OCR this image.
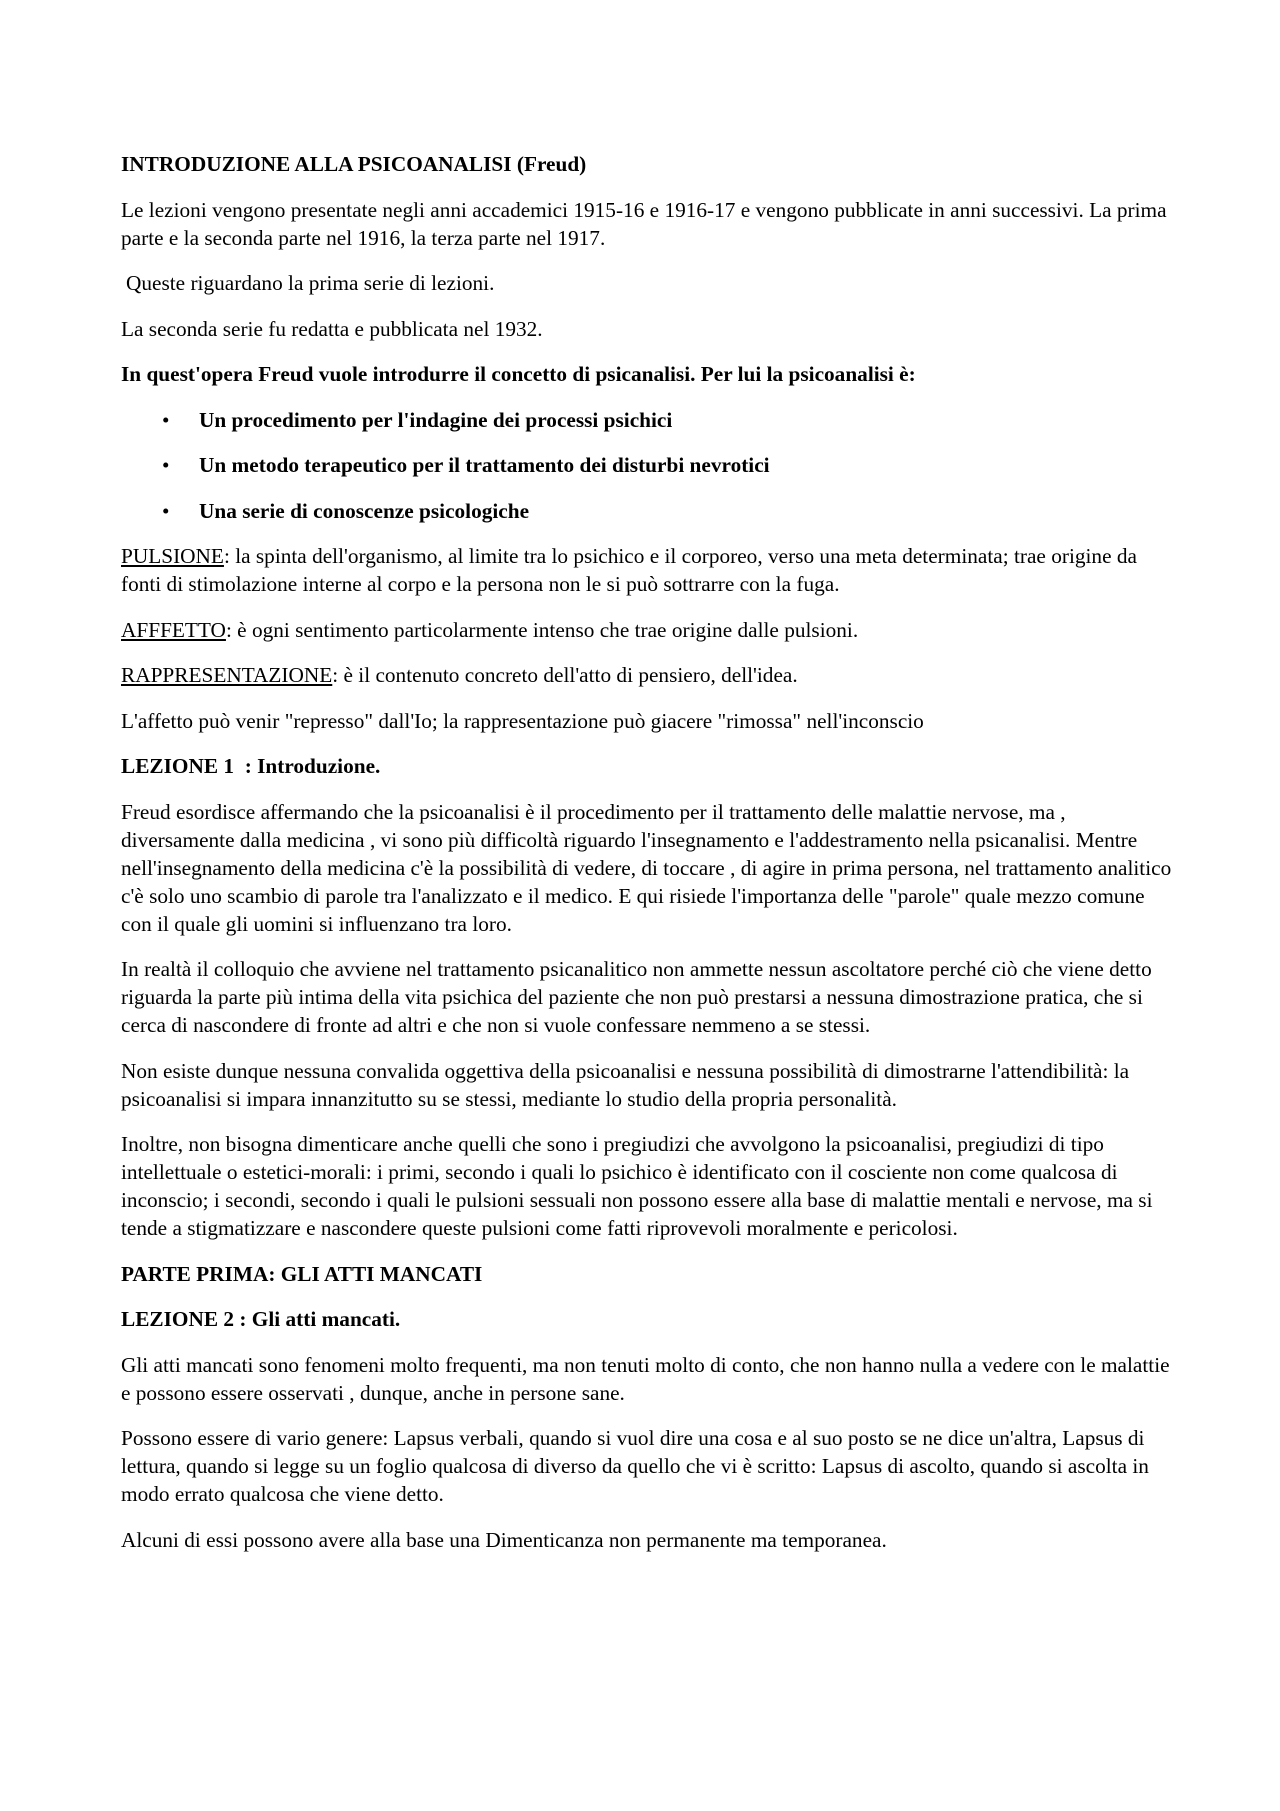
INTRODUZIONE ALLA PSICOANALISI (Freud)

Le lezioni vengono presentate negli anni accademici 1915-16 e 1916-17 e vengono pubblicate in anni successivi. La prima parte e la seconda parte nel 1916, la terza parte nel 1917.

Queste riguardano la prima serie di lezioni.

La seconda serie fu redatta e pubblicata nel 1932.

In quest'opera Freud vuole introdurre il concetto di psicanalisi. Per lui la psicoanalisi è:

• Un procedimento per l'indagine dei processi psichici
• Un metodo terapeutico per il trattamento dei disturbi nevrotici
• Una serie di conoscenze psicologiche

PULSIONE: la spinta dell'organismo, al limite tra lo psichico e il corporeo, verso una meta determinata; trae origine da fonti di stimolazione interne al corpo e la persona non le si può sottrarre con la fuga.

AFFFETTO: è ogni sentimento particolarmente intenso che trae origine dalle pulsioni.

RAPPRESENTAZIONE: è il contenuto concreto dell'atto di pensiero, dell'idea.

L'affetto può venir "represso" dall'Io; la rappresentazione può giacere "rimossa" nell'inconscio

LEZIONE 1 : Introduzione.

Freud esordisce affermando che la psicoanalisi è il procedimento per il trattamento delle malattie nervose, ma , diversamente dalla medicina , vi sono più difficoltà riguardo l'insegnamento e l'addestramento nella psicanalisi. Mentre nell'insegnamento della medicina c'è la possibilità di vedere, di toccare , di agire in prima persona, nel trattamento analitico c'è solo uno scambio di parole tra l'analizzato e il medico. E qui risiede l'importanza delle "parole" quale mezzo comune con il quale gli uomini si influenzano tra loro.

In realtà il colloquio che avviene nel trattamento psicanalitico non ammette nessun ascoltatore perché ciò che viene detto riguarda la parte più intima della vita psichica del paziente che non può prestarsi a nessuna dimostrazione pratica, che si cerca di nascondere di fronte ad altri e che non si vuole confessare nemmeno a se stessi.

Non esiste dunque nessuna convalida oggettiva della psicoanalisi e nessuna possibilità di dimostrarne l'attendibilità: la psicoanalisi si impara innanzitutto su se stessi, mediante lo studio della propria personalità.

Inoltre, non bisogna dimenticare anche quelli che sono i pregiudizi che avvolgono la psicoanalisi, pregiudizi di tipo intellettuale o estetici-morali: i primi, secondo i quali lo psichico è identificato con il cosciente non come qualcosa di inconscio; i secondi, secondo i quali le pulsioni sessuali non possono essere alla base di malattie mentali e nervose, ma si tende a stigmatizzare e nascondere queste pulsioni come fatti riprovevoli moralmente e pericolosi.

PARTE PRIMA: GLI ATTI MANCATI

LEZIONE 2 : Gli atti mancati.

Gli atti mancati sono fenomeni molto frequenti, ma non tenuti molto di conto, che non hanno nulla a vedere con le malattie e possono essere osservati , dunque, anche in persone sane.

Possono essere di vario genere: Lapsus verbali, quando si vuol dire una cosa e al suo posto se ne dice un'altra, Lapsus di lettura, quando si legge su un foglio qualcosa di diverso da quello che vi è scritto: Lapsus di ascolto, quando si ascolta in modo errato qualcosa che viene detto.

Alcuni di essi possono avere alla base una Dimenticanza non permanente ma temporanea.
